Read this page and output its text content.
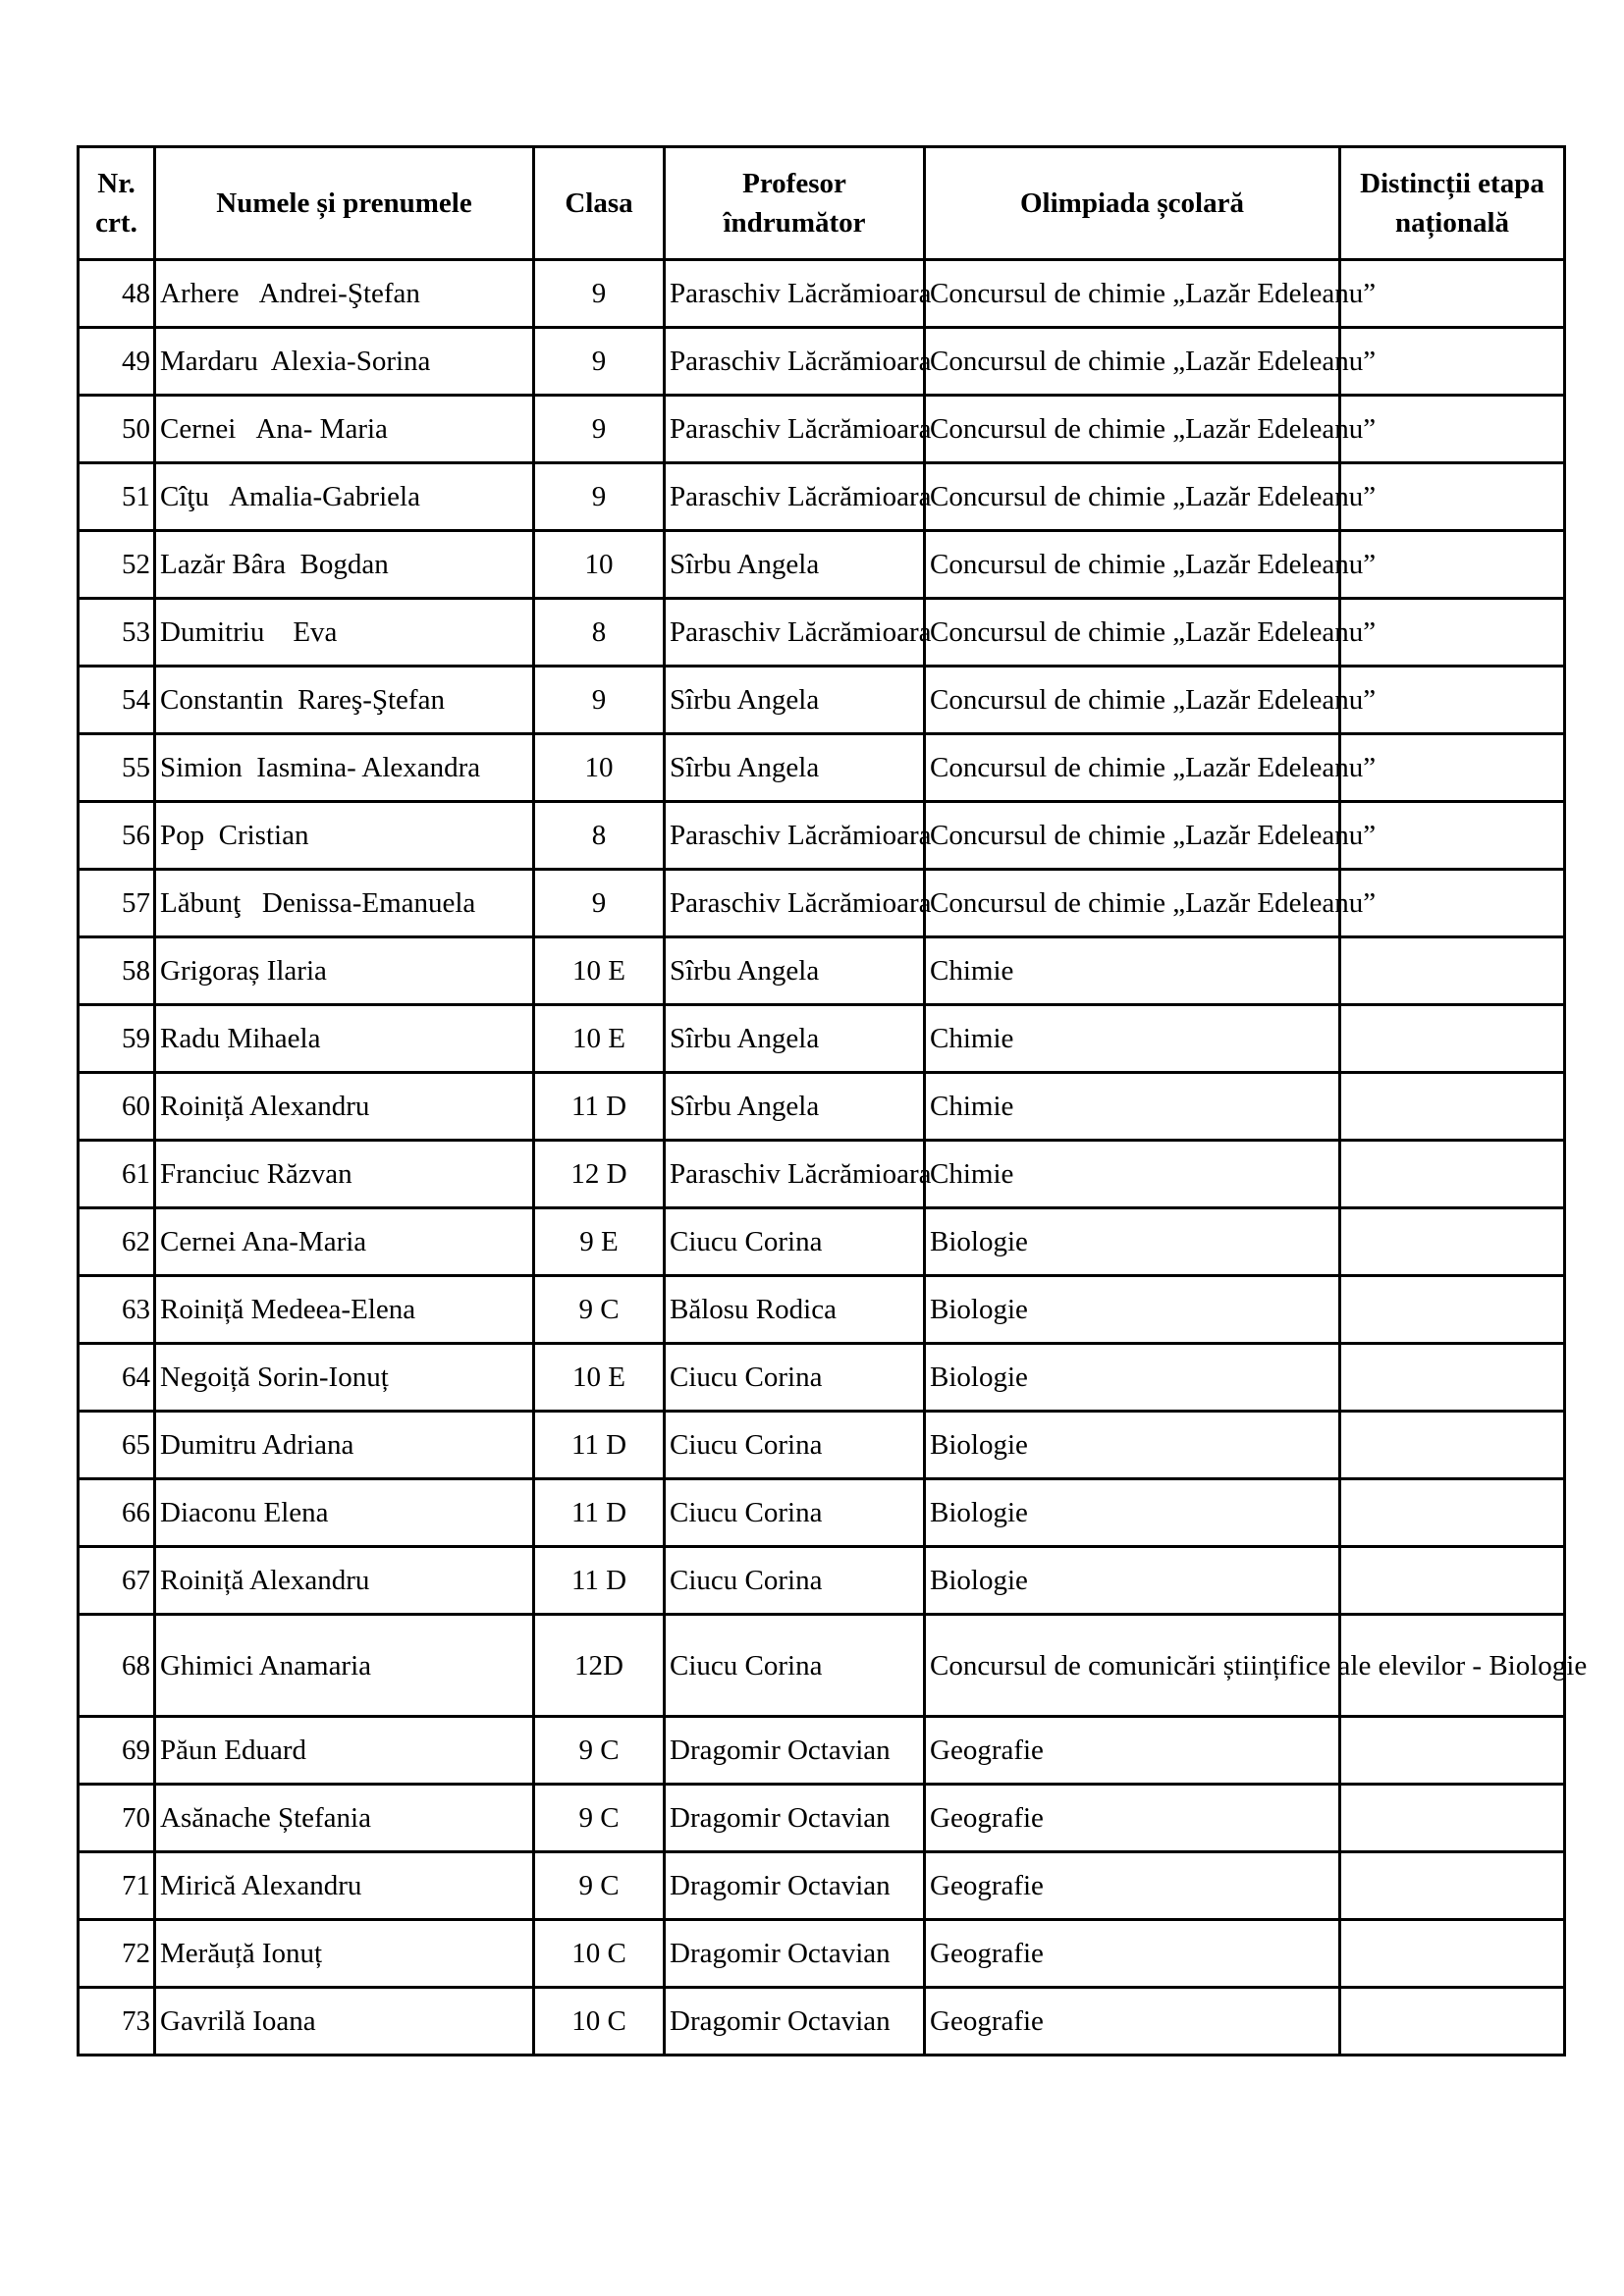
Nr. crt.	Numele și prenumele	Clasa	Profesor îndrumător	Olimpiada școlară	Distincții etapa națională
48	Arhere   Andrei-Ştefan	9	Paraschiv Lăcrămioara	Concursul de chimie „Lazăr Edeleanu”	
49	Mardaru  Alexia-Sorina	9	Paraschiv Lăcrămioara	Concursul de chimie „Lazăr Edeleanu”	
50	Cernei   Ana- Maria	9	Paraschiv Lăcrămioara	Concursul de chimie „Lazăr Edeleanu”	
51	Cîţu   Amalia-Gabriela	9	Paraschiv Lăcrămioara	Concursul de chimie „Lazăr Edeleanu”	
52	Lazăr Bâra  Bogdan	10	Sîrbu Angela	Concursul de chimie „Lazăr Edeleanu”	
53	Dumitriu    Eva	8	Paraschiv Lăcrămioara	Concursul de chimie „Lazăr Edeleanu”	
54	Constantin  Rareş-Ştefan	9	Sîrbu Angela	Concursul de chimie „Lazăr Edeleanu”	
55	Simion  Iasmina- Alexandra	10	Sîrbu Angela	Concursul de chimie „Lazăr Edeleanu”	
56	Pop  Cristian	8	Paraschiv Lăcrămioara	Concursul de chimie „Lazăr Edeleanu”	
57	Lăbunţ   Denissa-Emanuela	9	Paraschiv Lăcrămioara	Concursul de chimie „Lazăr Edeleanu”	
58	Grigoraș Ilaria	10 E	Sîrbu Angela	Chimie	
59	Radu Mihaela	10 E	Sîrbu Angela	Chimie	
60	Roiniță Alexandru	11 D	Sîrbu Angela	Chimie	
61	Franciuc Răzvan	12 D	Paraschiv Lăcrămioara	Chimie	
62	Cernei Ana-Maria	9 E	Ciucu Corina	Biologie	
63	Roiniță Medeea-Elena	9 C	Bălosu Rodica	Biologie	
64	Negoiță Sorin-Ionuț	10 E	Ciucu Corina	Biologie	
65	Dumitru Adriana	11 D	Ciucu Corina	Biologie	
66	Diaconu Elena	11 D	Ciucu Corina	Biologie	
67	Roiniță Alexandru	11 D	Ciucu Corina	Biologie	
68	Ghimici Anamaria	12D	Ciucu Corina	Concursul de comunicări științifice ale elevilor - Biologie	
69	Păun Eduard	9 C	Dragomir Octavian	Geografie	
70	Asănache Ștefania	9 C	Dragomir Octavian	Geografie	
71	Mirică Alexandru	9 C	Dragomir Octavian	Geografie	
72	Merăuță Ionuț	10 C	Dragomir Octavian	Geografie	
73	Gavrilă Ioana	10 C	Dragomir Octavian	Geografie	
